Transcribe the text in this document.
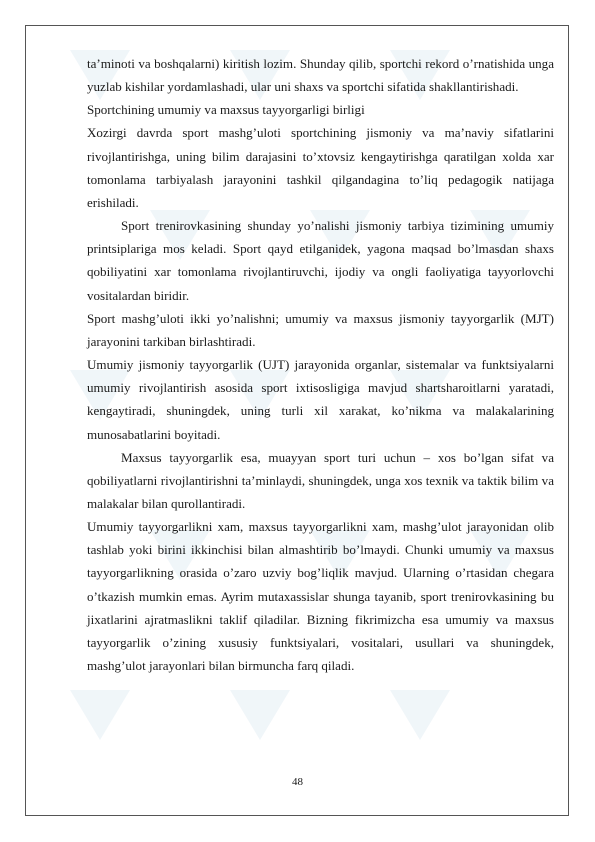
ta’minoti va boshqalarni) kiritish lozim. Shunday qilib, sportchi rekord o’rnatishida unga yuzlab kishilar yordamlashadi, ular uni shaxs va sportchi sifatida shakllantirishadi.

Sportchining umumiy va maxsus tayyorgarligi birligi

Xozirgi davrda sport mashg’uloti sportchining jismoniy va ma’naviy sifatlarini rivojlantirishga, uning bilim darajasini to’xtovsiz kengaytirishga qaratilgan xolda xar tomonlama tarbiyalash jarayonini tashkil qilgandagina to’liq pedagogik natijaga erishiladi.

Sport trenirovkasining shunday yo’nalishi jismoniy tarbiya tizimining umumiy printsiplariga mos keladi. Sport qayd etilganidek, yagona maqsad bo’lmasdan shaxs qobiliyatini xar tomonlama rivojlantiruvchi, ijodiy va ongli faoliyatiga tayyorlovchi vositalardan biridir.

Sport mashg’uloti ikki yo’nalishni; umumiy va maxsus jismoniy tayyorgarlik (MJT) jarayonini tarkiban birlashtiradi.

Umumiy jismoniy tayyorgarlik (UJT) jarayonida organlar, sistemalar va funktsiyalarni umumiy rivojlantirish asosida sport ixtisosligiga mavjud shartsharoitlarni yaratadi, kengaytiradi, shuningdek, uning turli xil xarakat, ko’nikma va malakalarining munosabatlarini boyitadi.

Maxsus tayyorgarlik esa, muayyan sport turi uchun – xos bo’lgan sifat va qobiliyatlarni rivojlantirishni ta’minlaydi, shuningdek, unga xos texnik va taktik bilim va malakalar bilan qurollantiradi.

Umumiy tayyorgarlikni xam, maxsus tayyorgarlikni xam, mashg’ulot jarayonidan olib tashlab yoki birini ikkinchisi bilan almashtirib bo’lmaydi. Chunki umumiy va maxsus tayyorgarlikning orasida o’zaro uzviy bog’liqlik mavjud. Ularning o’rtasidan chegara o’tkazish mumkin emas. Ayrim mutaxassislar shunga tayanib, sport trenirovkasining bu jixatlarini ajratmaslikni taklif qiladilar. Bizning fikrimizcha esa umumiy va maxsus tayyorgarlik o’zining xususiy funktsiyalari, vositalari, usullari va shuningdek, mashg’ulot jarayonlari bilan birmuncha farq qiladi.

48
